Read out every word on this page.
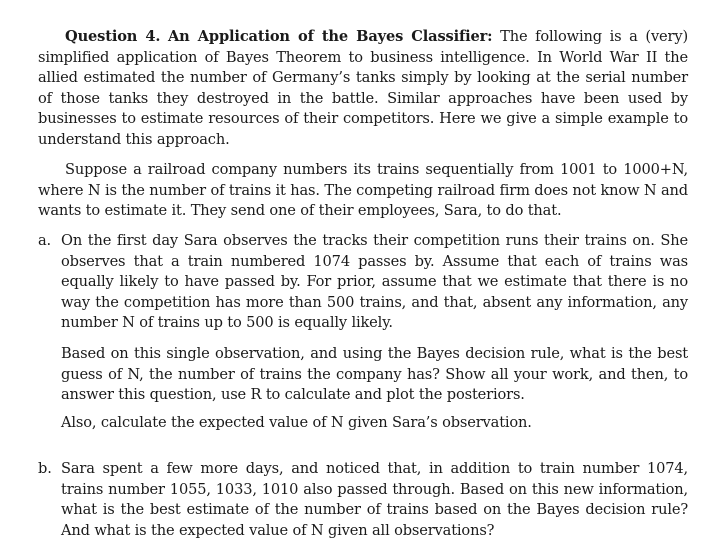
Question 4. An Application of the Bayes Classifier: The following is a (very) simplified application of Bayes Theorem to business intelligence. In World War II the allied estimated the number of Germany’s tanks simply by looking at the serial number of those tanks they destroyed in the battle. Similar approaches have been used by businesses to estimate resources of their competitors. Here we give a simple example to understand this approach.
Suppose a railroad company numbers its trains sequentially from 1001 to 1000+N, where N is the number of trains it has. The competing railroad firm does not know N and wants to estimate it. They send one of their employees, Sara, to do that.
a. On the first day Sara observes the tracks their competition runs their trains on. She observes that a train numbered 1074 passes by. Assume that each of trains was equally likely to have passed by. For prior, assume that we estimate that there is no way the competition has more than 500 trains, and that, absent any information, any number N of trains up to 500 is equally likely.
Based on this single observation, and using the Bayes decision rule, what is the best guess of N, the number of trains the company has? Show all your work, and then, to answer this question, use R to calculate and plot the posteriors.
Also, calculate the expected value of N given Sara’s observation.
b. Sara spent a few more days, and noticed that, in addition to train number 1074, trains number 1055, 1033, 1010 also passed through. Based on this new information, what is the best estimate of the number of trains based on the Bayes decision rule? And what is the expected value of N given all observations?
